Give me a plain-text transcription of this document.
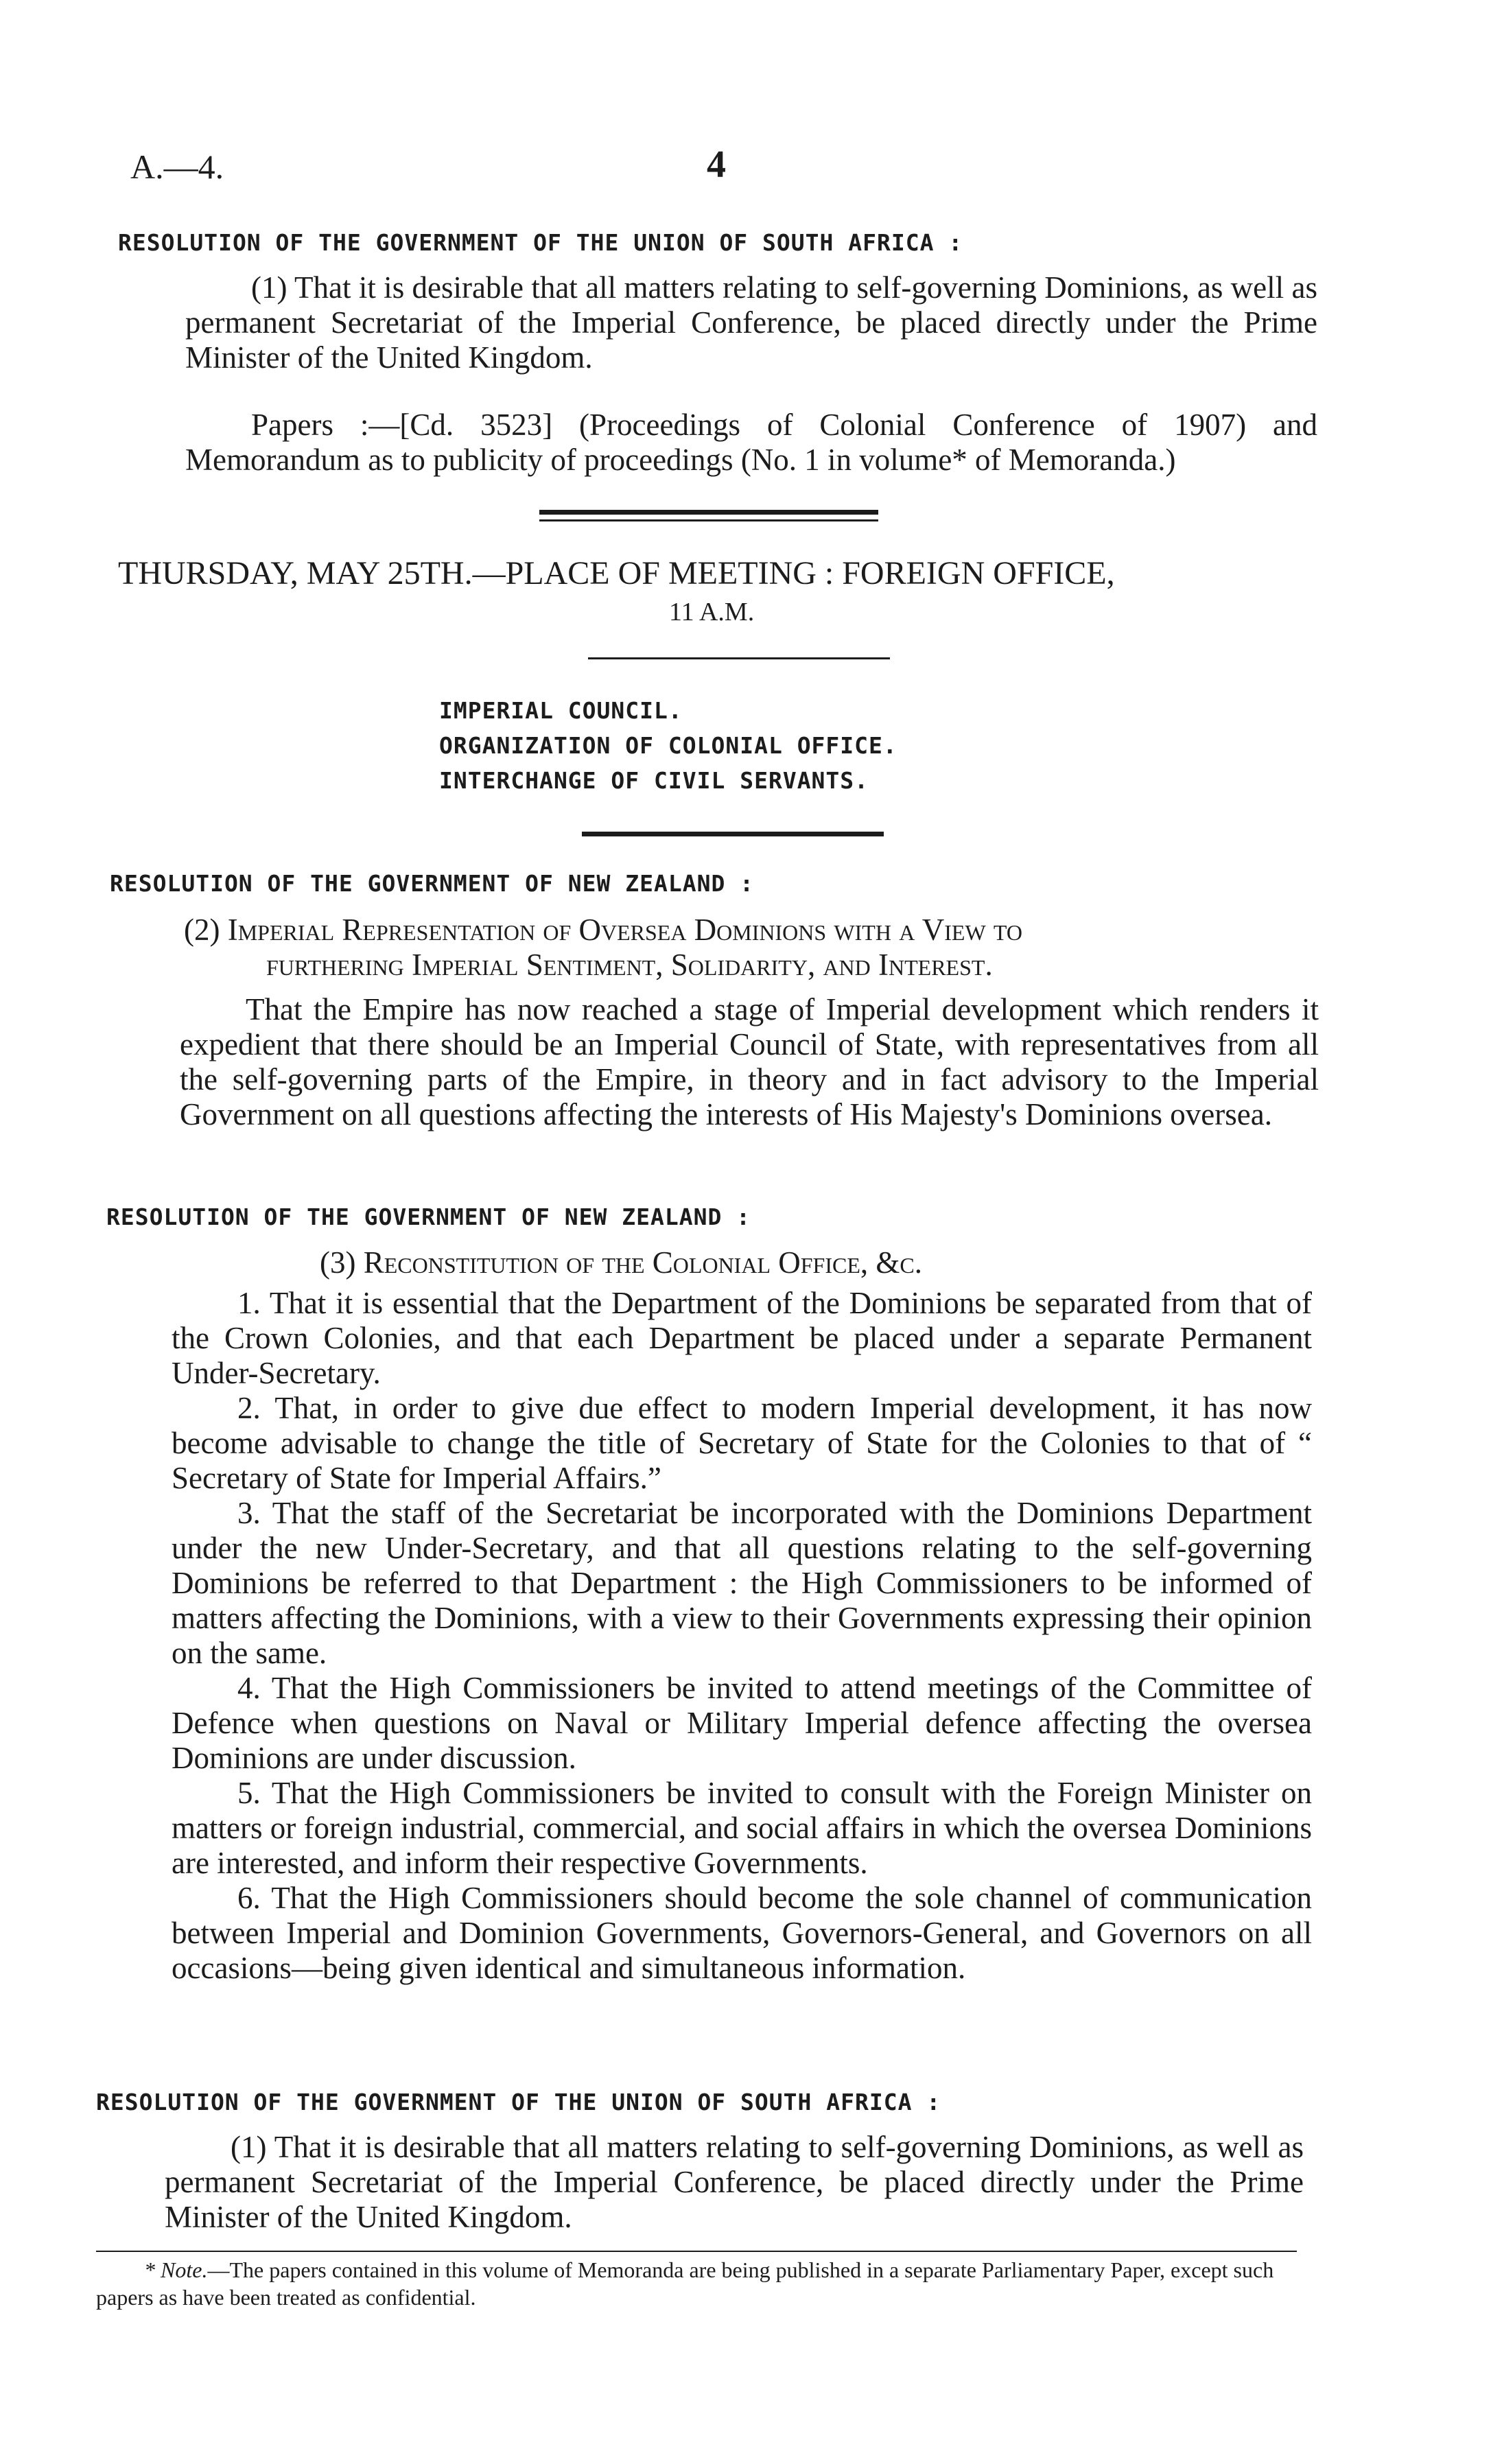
A.—4.	4
RESOLUTION OF THE GOVERNMENT OF THE UNION OF SOUTH AFRICA :

(1) That it is desirable that all matters relating to self-governing Dominions, as well as permanent Secretariat of the Imperial Conference, be placed directly under the Prime Minister of the United Kingdom.

Papers :—[Cd. 3523] (Proceedings of Colonial Conference of 1907) and Memorandum as to publicity of proceedings (No. 1 in volume* of Memoranda.)

THURSDAY, MAY 25TH.—PLACE OF MEETING : FOREIGN OFFICE,
11 A.M.
IMPERIAL COUNCIL.
ORGANIZATION OF COLONIAL OFFICE.
INTERCHANGE OF CIVIL SERVANTS.
RESOLUTION OF THE GOVERNMENT OF NEW ZEALAND :
(2) Imperial Representation of Oversea Dominions with a View to
furthering Imperial Sentiment, Solidarity, and Interest.

That the Empire has now reached a stage of Imperial development which renders it expedient that there should be an Imperial Council of State, with representatives from all the self-governing parts of the Empire, in theory and in fact advisory to the Imperial Government on all questions affecting the interests of His Majesty's Dominions oversea.

RESOLUTION OF THE GOVERNMENT OF NEW ZEALAND :
(3) Reconstitution of the Colonial Office, &c.

1. That it is essential that the Department of the Dominions be separated from that of the Crown Colonies, and that each Department be placed under a separate Permanent Under-Secretary.

2. That, in order to give due effect to modern Imperial development, it has now become advisable to change the title of Secretary of State for the Colonies to that of “ Secretary of State for Imperial Affairs.”

3. That the staff of the Secretariat be incorporated with the Dominions Department under the new Under-Secretary, and that all questions relating to the self-governing Dominions be referred to that Department : the High Commissioners to be informed of matters affecting the Dominions, with a view to their Governments expressing their opinion on the same.

4. That the High Commissioners be invited to attend meetings of the Committee of Defence when questions on Naval or Military Imperial defence affecting the oversea Dominions are under discussion.

5. That the High Commissioners be invited to consult with the Foreign Minister on matters or foreign industrial, commercial, and social affairs in which the oversea Dominions are interested, and inform their respective Governments.

6. That the High Commissioners should become the sole channel of communication between Imperial and Dominion Governments, Governors-General, and Governors on all occasions—being given identical and simultaneous information.

RESOLUTION OF THE GOVERNMENT OF THE UNION OF SOUTH AFRICA :

(1) That it is desirable that all matters relating to self-governing Dominions, as well as permanent Secretariat of the Imperial Conference, be placed directly under the Prime Minister of the United Kingdom.

* Note.—The papers contained in this volume of Memoranda are being published in a separate Parliamentary Paper, except such papers as have been treated as confidential.
